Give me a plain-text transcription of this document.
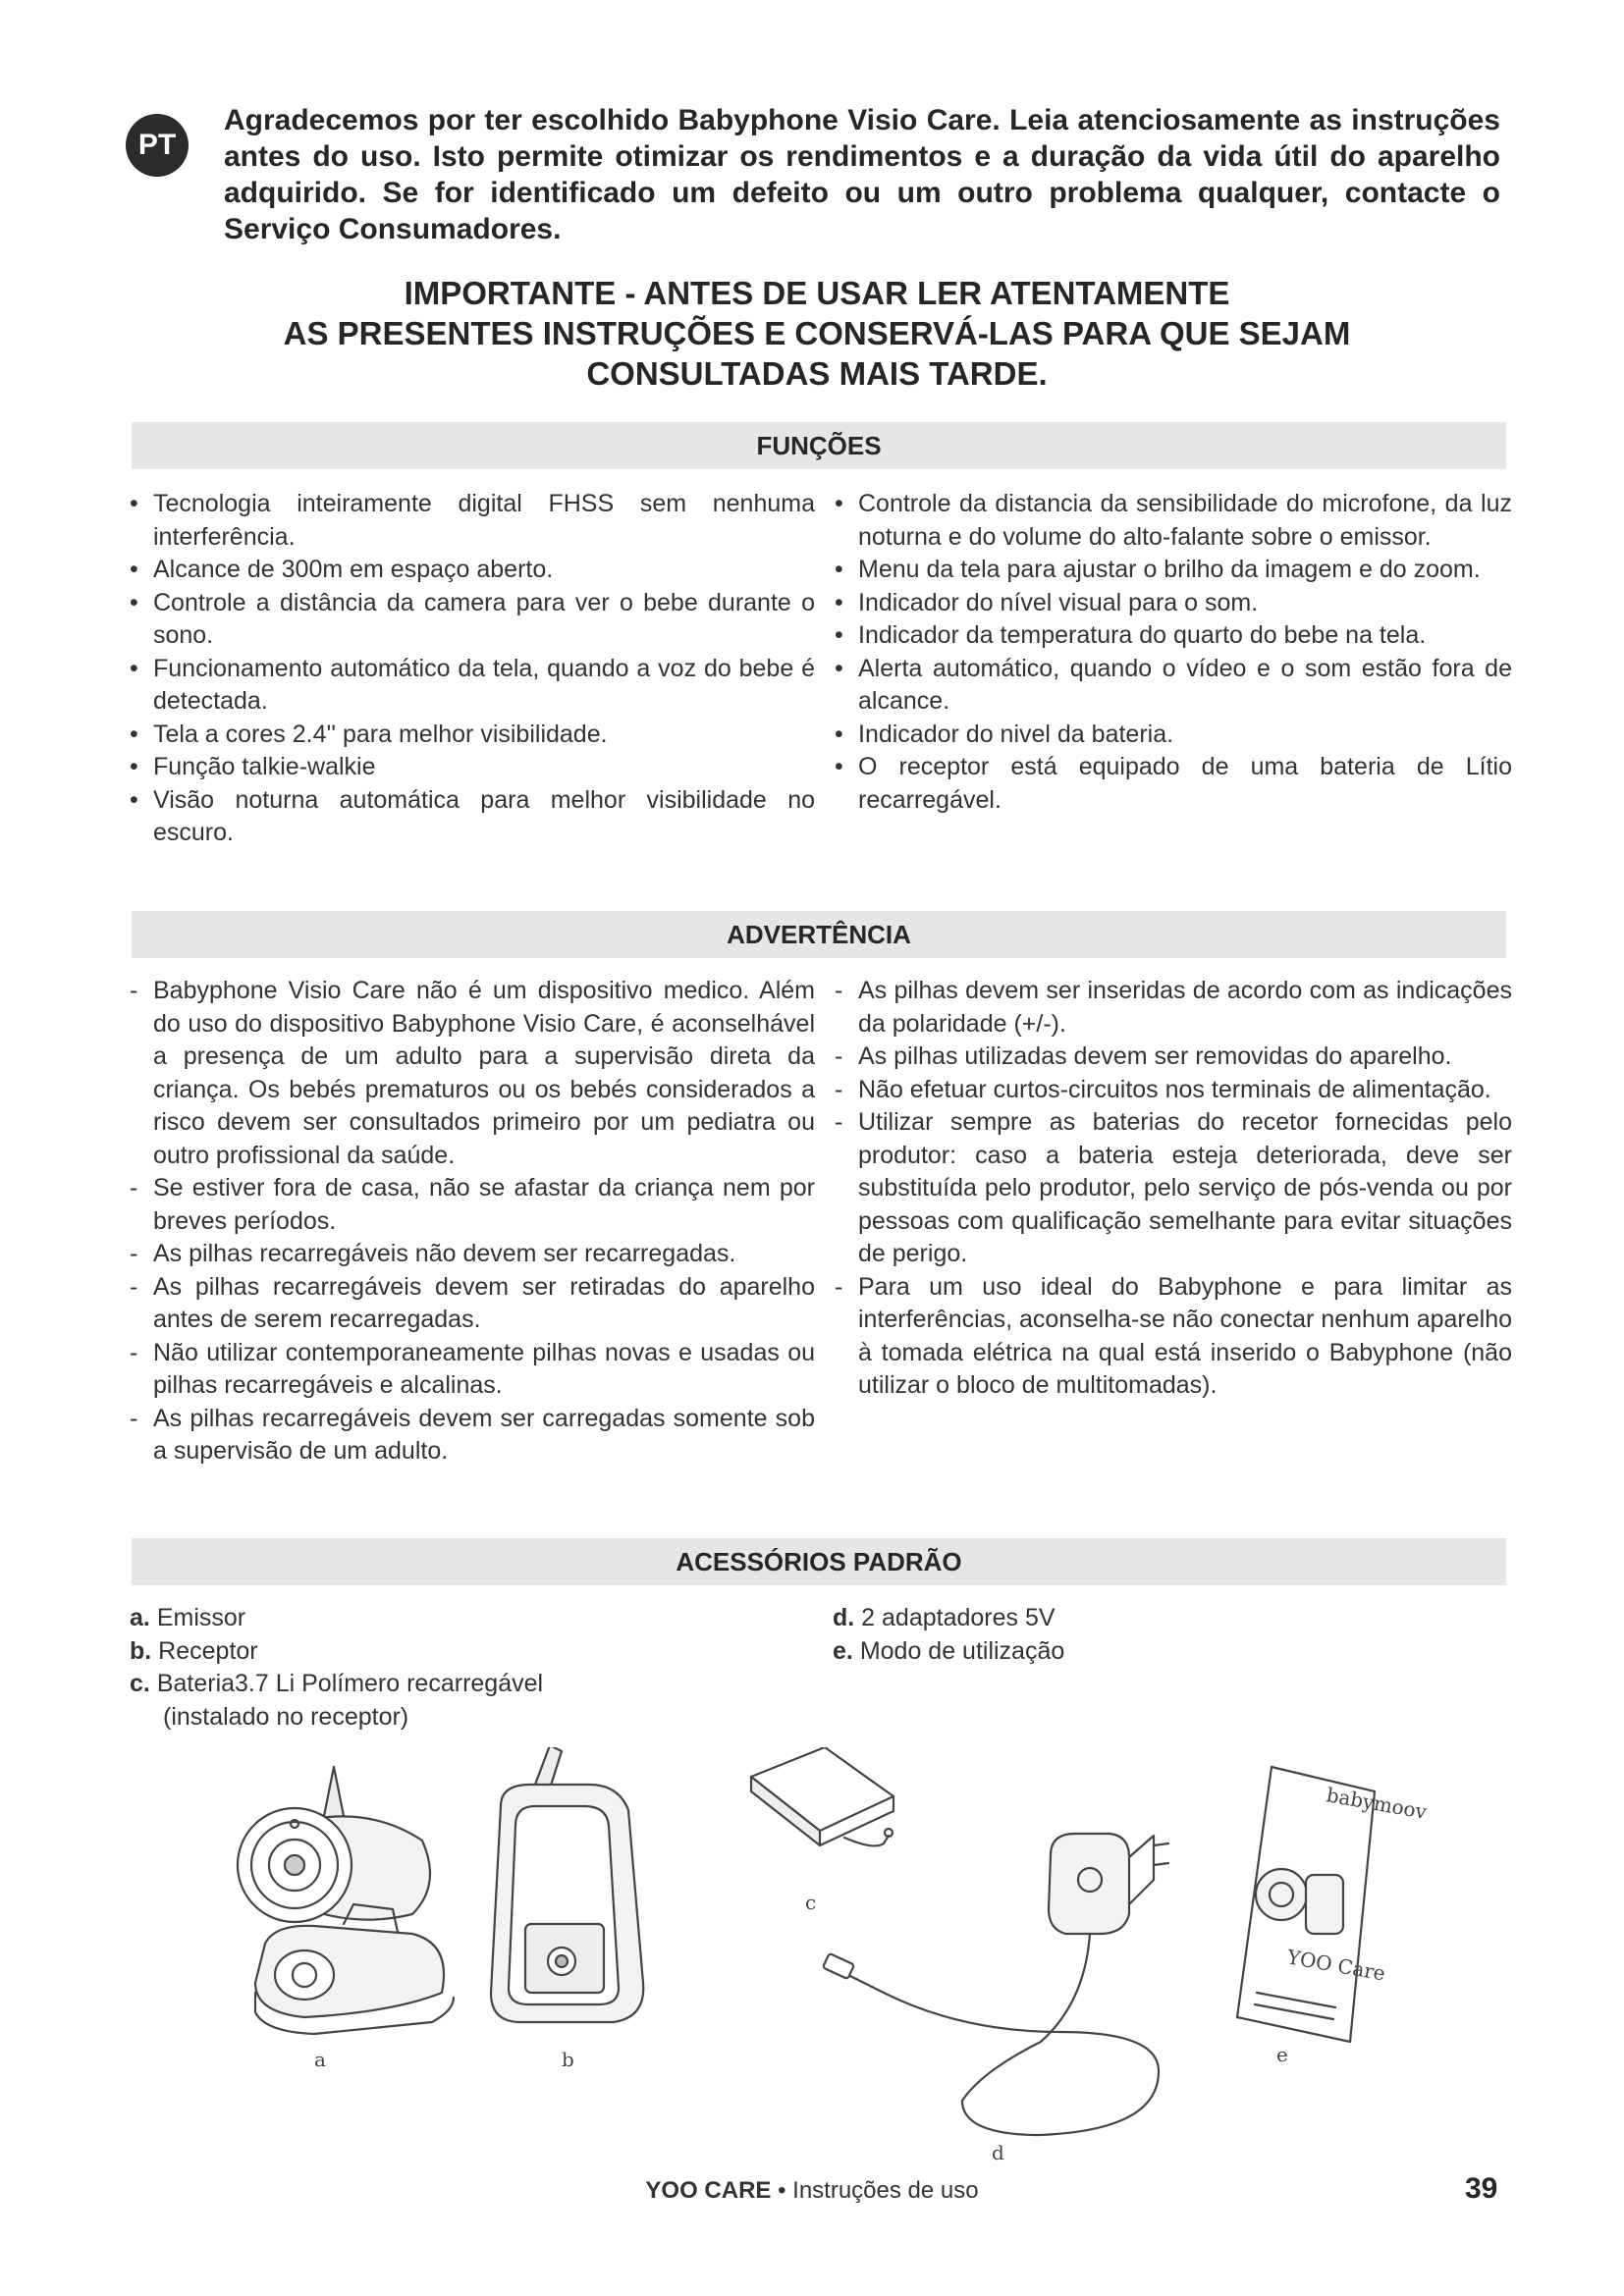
PT

Agradecemos por ter escolhido Babyphone Visio Care. Leia atenciosamente as instruções antes do uso. Isto permite otimizar os rendimentos e a duração da vida útil do aparelho adquirido. Se for identificado um defeito ou um outro problema qualquer, contacte o Serviço Consumadores.

IMPORTANTE - ANTES DE USAR LER ATENTAMENTE
AS PRESENTES INSTRUÇÕES E CONSERVÁ-LAS PARA QUE SEJAM
CONSULTADAS MAIS TARDE.
FUNÇÕES
• Tecnologia inteiramente digital FHSS sem nenhuma interferência.
• Alcance de 300m em espaço aberto.
• Controle a distância da camera para ver o bebe durante o sono.
• Funcionamento automático da tela, quando a voz do bebe é detectada.
• Tela a cores 2.4'' para melhor visibilidade.
• Função talkie-walkie
• Visão noturna automática para melhor visibilidade no escuro.
• Controle da distancia da sensibilidade do microfone, da luz noturna e do volume do alto-falante sobre o emissor.
• Menu da tela para ajustar o brilho da imagem e do zoom.
• Indicador do nível visual para o som.
• Indicador da temperatura do quarto do bebe na tela.
• Alerta automático, quando o vídeo e o som estão fora de alcance.
• Indicador do nivel da bateria.
• O receptor está equipado de uma bateria de Lítio recarregável.
ADVERTÊNCIA
- Babyphone Visio Care não é um dispositivo medico. Além do uso do dispositivo Babyphone Visio Care, é aconselhável a presença de um adulto para a supervisão direta da criança. Os bebés prematuros ou os bebés considerados a risco devem ser consultados primeiro por um pediatra ou outro profissional da saúde.
- Se estiver fora de casa, não se afastar da criança nem por breves períodos.
- As pilhas recarregáveis não devem ser recarregadas.
- As pilhas recarregáveis devem ser retiradas do aparelho antes de serem recarregadas.
- Não utilizar contemporaneamente pilhas novas e usadas ou pilhas recarregáveis e alcalinas.
- As pilhas recarregáveis devem ser carregadas somente sob a supervisão de um adulto.
- As pilhas devem ser inseridas de acordo com as indicações da polaridade (+/-).
- As pilhas utilizadas devem ser removidas do aparelho.
- Não efetuar curtos-circuitos nos terminais de alimentação.
- Utilizar sempre as baterias do recetor fornecidas pelo produtor: caso a bateria esteja deteriorada, deve ser substituída pelo produtor, pelo serviço de pós-venda ou por pessoas com qualificação semelhante para evitar situações de perigo.
- Para um uso ideal do Babyphone e para limitar as interferências, aconselha-se não conectar nenhum aparelho à tomada elétrica na qual está inserido o Babyphone (não utilizar o bloco de multitomadas).
ACESSÓRIOS PADRÃO
a. Emissor
b. Receptor
c. Bateria3.7 Li Polímero recarregável
(instalado no receptor)
d. 2 adaptadores 5V
e. Modo de utilização
a	b
c
d
babymoov
YOO Care
e
YOO CARE • Instruções de uso	39
